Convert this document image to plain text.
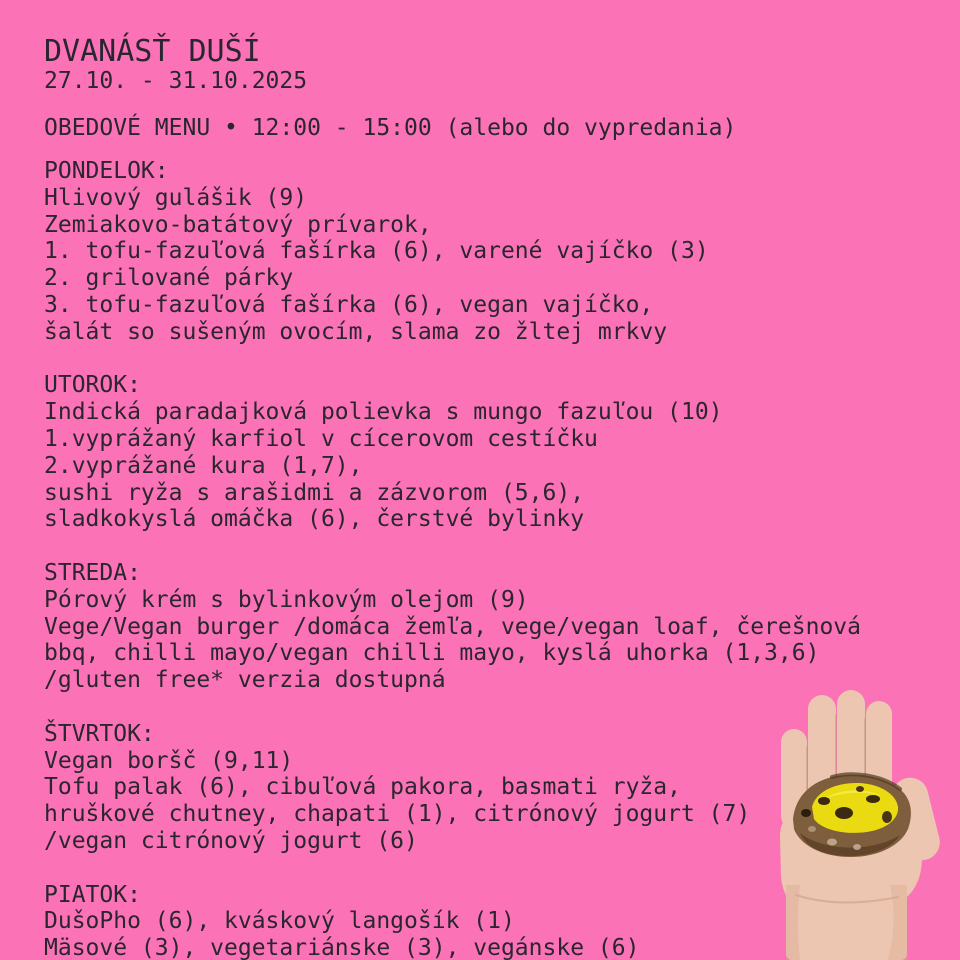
DVANÁSŤ DUŠÍ
27.10. - 31.10.2025
OBEDOVÉ MENU • 12:00 - 15:00 (alebo do vypredania)
PONDELOK:
Hlivový gulášik (9)
Zemiakovo-batátový prívarok,
1. tofu-fazuľová fašírka (6), varené vajíčko (3)
2. grilované párky
3. tofu-fazuľová fašírka (6), vegan vajíčko,
šalát so sušeným ovocím, slama zo žltej mrkvy
UTOROK:
Indická paradajková polievka s mungo fazuľou (10)
1.vyprážaný karfiol v cícerovom cestíčku
2.vyprážané kura (1,7),
sushi ryža s arašidmi a zázvorom (5,6),
sladkokyslá omáčka (6), čerstvé bylinky
STREDA:
Pórový krém s bylinkovým olejom (9)
Vege/Vegan burger /domáca žemľa, vege/vegan loaf, čerešnová
bbq, chilli mayo/vegan chilli mayo, kyslá uhorka (1,3,6)
/gluten free* verzia dostupná
ŠTVRTOK:
Vegan boršč (9,11)
Tofu palak (6), cibuľová pakora, basmati ryža,
hruškové chutney, chapati (1), citrónový jogurt (7)
/vegan citrónový jogurt (6)
PIATOK:
DušoPho (6), kváskový langošík (1)
Mäsové (3), vegetariánske (3), vegánske (6)
